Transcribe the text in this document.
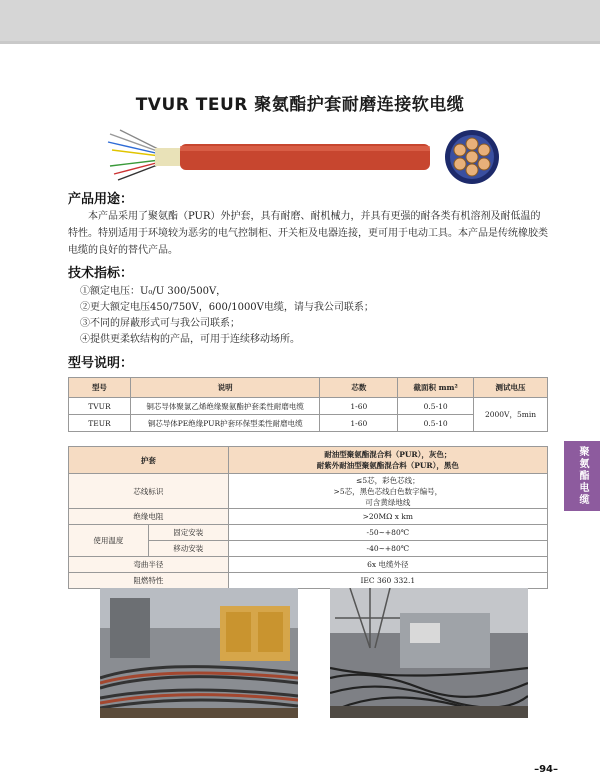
TVUR TEUR 聚氨酯护套耐磨连接软电缆
产品用途：
本产品采用了聚氨酯（PUR）外护套，具有耐磨、耐机械力，并具有更强的耐各类有机溶剂及耐低温的特性。特别适用于环境较为恶劣的电气控制柜、开关柜及电器连接，更可用于电动工具。本产品是传统橡胶类电缆的良好的替代产品。
技术指标：
①额定电压：U₀/U 300/500V，
②更大额定电压450/750V，600/1000V电缆，请与我公司联系；
③不同的屏蔽形式可与我公司联系；
④提供更柔软结构的产品，可用于连续移动场所。
型号说明：
型号	说明	芯数	截面积 mm²	测试电压
TVUR	铜芯导体聚氯乙烯绝缘聚氨酯护套柔性耐磨电缆	1-60	0.5-10	2000V，5min
TEUR	铜芯导体PE绝缘PUR护套环保型柔性耐磨电缆	1-60	0.5-10	
护套		耐油型聚氨酯混合料（PUR），灰色；
耐紫外耐油型聚氨酯混合料（PUR），黑色

芯线标识		≤5芯，彩色芯线；
>5芯，黑色芯线白色数字编号，
可含黄绿地线

绝缘电阻		>20MΩ x km
使用温度	固定安装	-50~+80℃
	移动安装	-40~+80℃
弯曲半径		6x 电缆外径
阻燃特性		IEC 360 332.1
聚氨酯电缆
–94–
